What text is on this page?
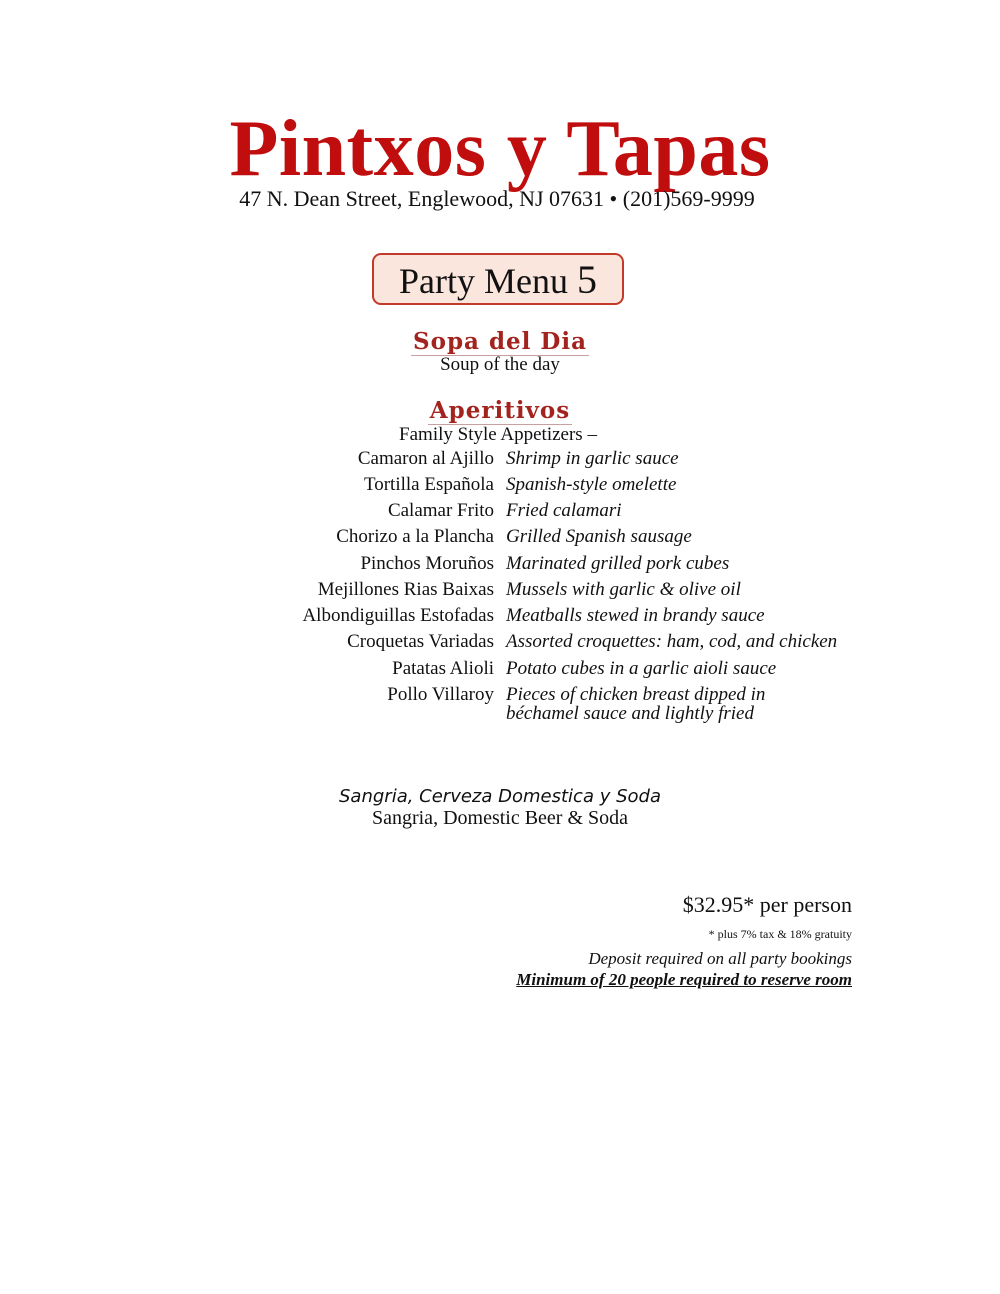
Pintxos y Tapas
47 N. Dean Street, Englewood, NJ 07631 • (201)569-9999
Party Menu 5
Sopa del Dia
Soup of the day
Aperitivos
Family Style Appetizers –
Camaron al Ajillo Shrimp in garlic sauce
Tortilla Española Spanish-style omelette
Calamar Frito Fried calamari
Chorizo a la Plancha Grilled Spanish sausage
Pinchos Moruños Marinated grilled pork cubes
Mejillones Rias Baixas Mussels with garlic & olive oil
Albondiguillas Estofadas Meatballs stewed in brandy sauce
Croquetas Variadas Assorted croquettes: ham, cod, and chicken
Patatas Alioli Potato cubes in a garlic aioli sauce
Pollo Villaroy Pieces of chicken breast dipped in béchamel sauce and lightly fried
Sangria, Cerveza Domestica y Soda
Sangria, Domestic Beer & Soda
$32.95* per person
* plus 7% tax & 18% gratuity
Deposit required on all party bookings
Minimum of 20 people required to reserve room
